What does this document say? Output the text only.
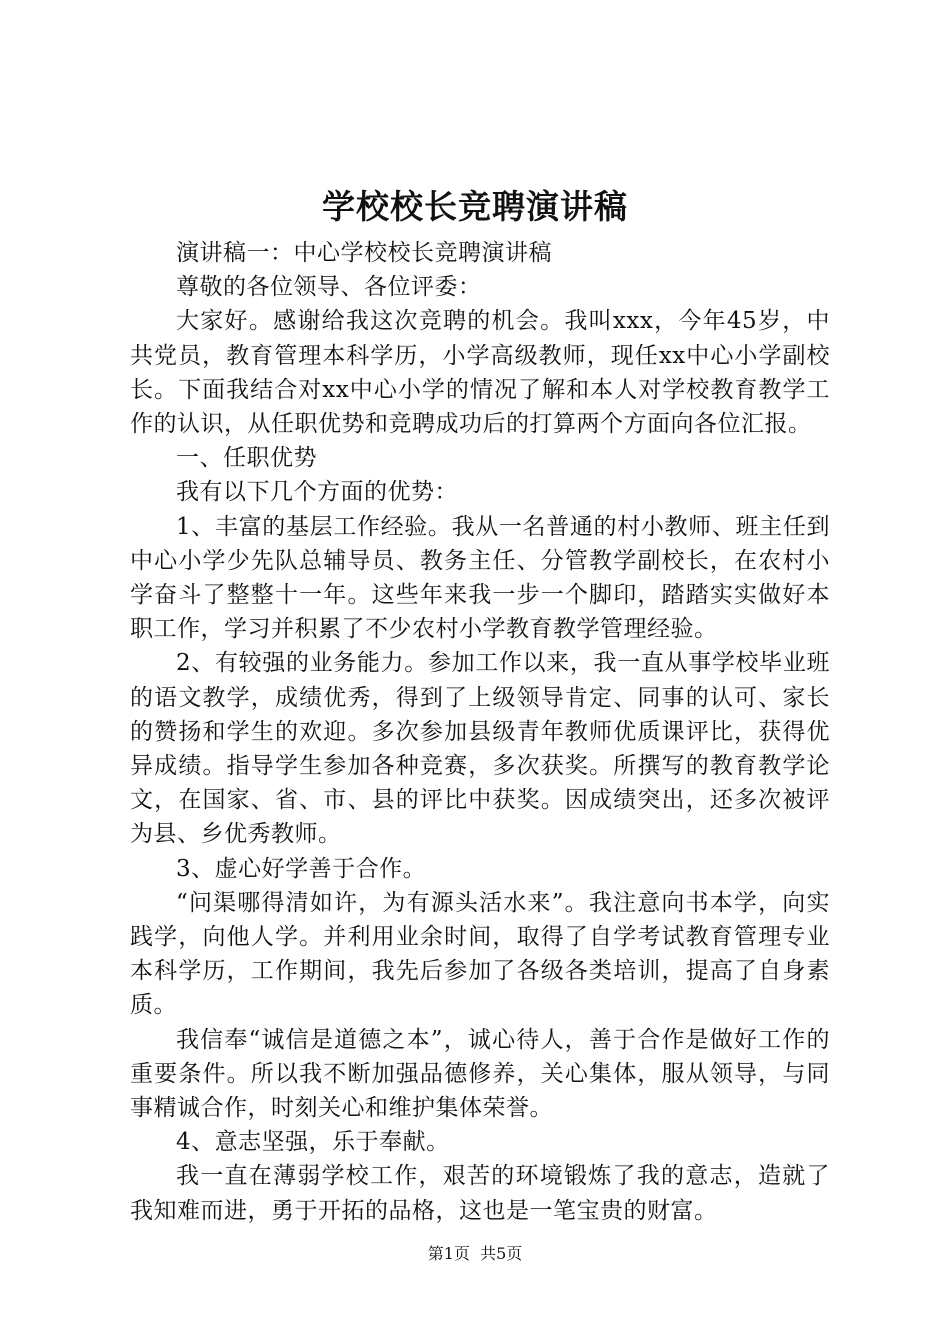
学校校长竞聘演讲稿

演讲稿一：中心学校校长竞聘演讲稿

尊敬的各位领导、各位评委：

大家好。感谢给我这次竞聘的机会。我叫xxx，今年45岁，中共党员，教育管理本科学历，小学高级教师，现任xx中心小学副校长。下面我结合对xx中心小学的情况了解和本人对学校教育教学工作的认识，从任职优势和竞聘成功后的打算两个方面向各位汇报。

一、任职优势

我有以下几个方面的优势：

1、丰富的基层工作经验。我从一名普通的村小教师、班主任到中心小学少先队总辅导员、教务主任、分管教学副校长，在农村小学奋斗了整整十一年。这些年来我一步一个脚印，踏踏实实做好本职工作，学习并积累了不少农村小学教育教学管理经验。

2、有较强的业务能力。参加工作以来，我一直从事学校毕业班的语文教学，成绩优秀，得到了上级领导肯定、同事的认可、家长的赞扬和学生的欢迎。多次参加县级青年教师优质课评比，获得优异成绩。指导学生参加各种竞赛，多次获奖。所撰写的教育教学论文，在国家、省、市、县的评比中获奖。因成绩突出，还多次被评为县、乡优秀教师。

3、虚心好学善于合作。

“问渠哪得清如许，为有源头活水来”。我注意向书本学，向实践学，向他人学。并利用业余时间，取得了自学考试教育管理专业本科学历，工作期间，我先后参加了各级各类培训，提高了自身素质。

我信奉“诚信是道德之本”，诚心待人，善于合作是做好工作的重要条件。所以我不断加强品德修养，关心集体，服从领导，与同事精诚合作，时刻关心和维护集体荣誉。

4、意志坚强，乐于奉献。

我一直在薄弱学校工作，艰苦的环境锻炼了我的意志，造就了我知难而进，勇于开拓的品格，这也是一笔宝贵的财富。

第1页 共5页
